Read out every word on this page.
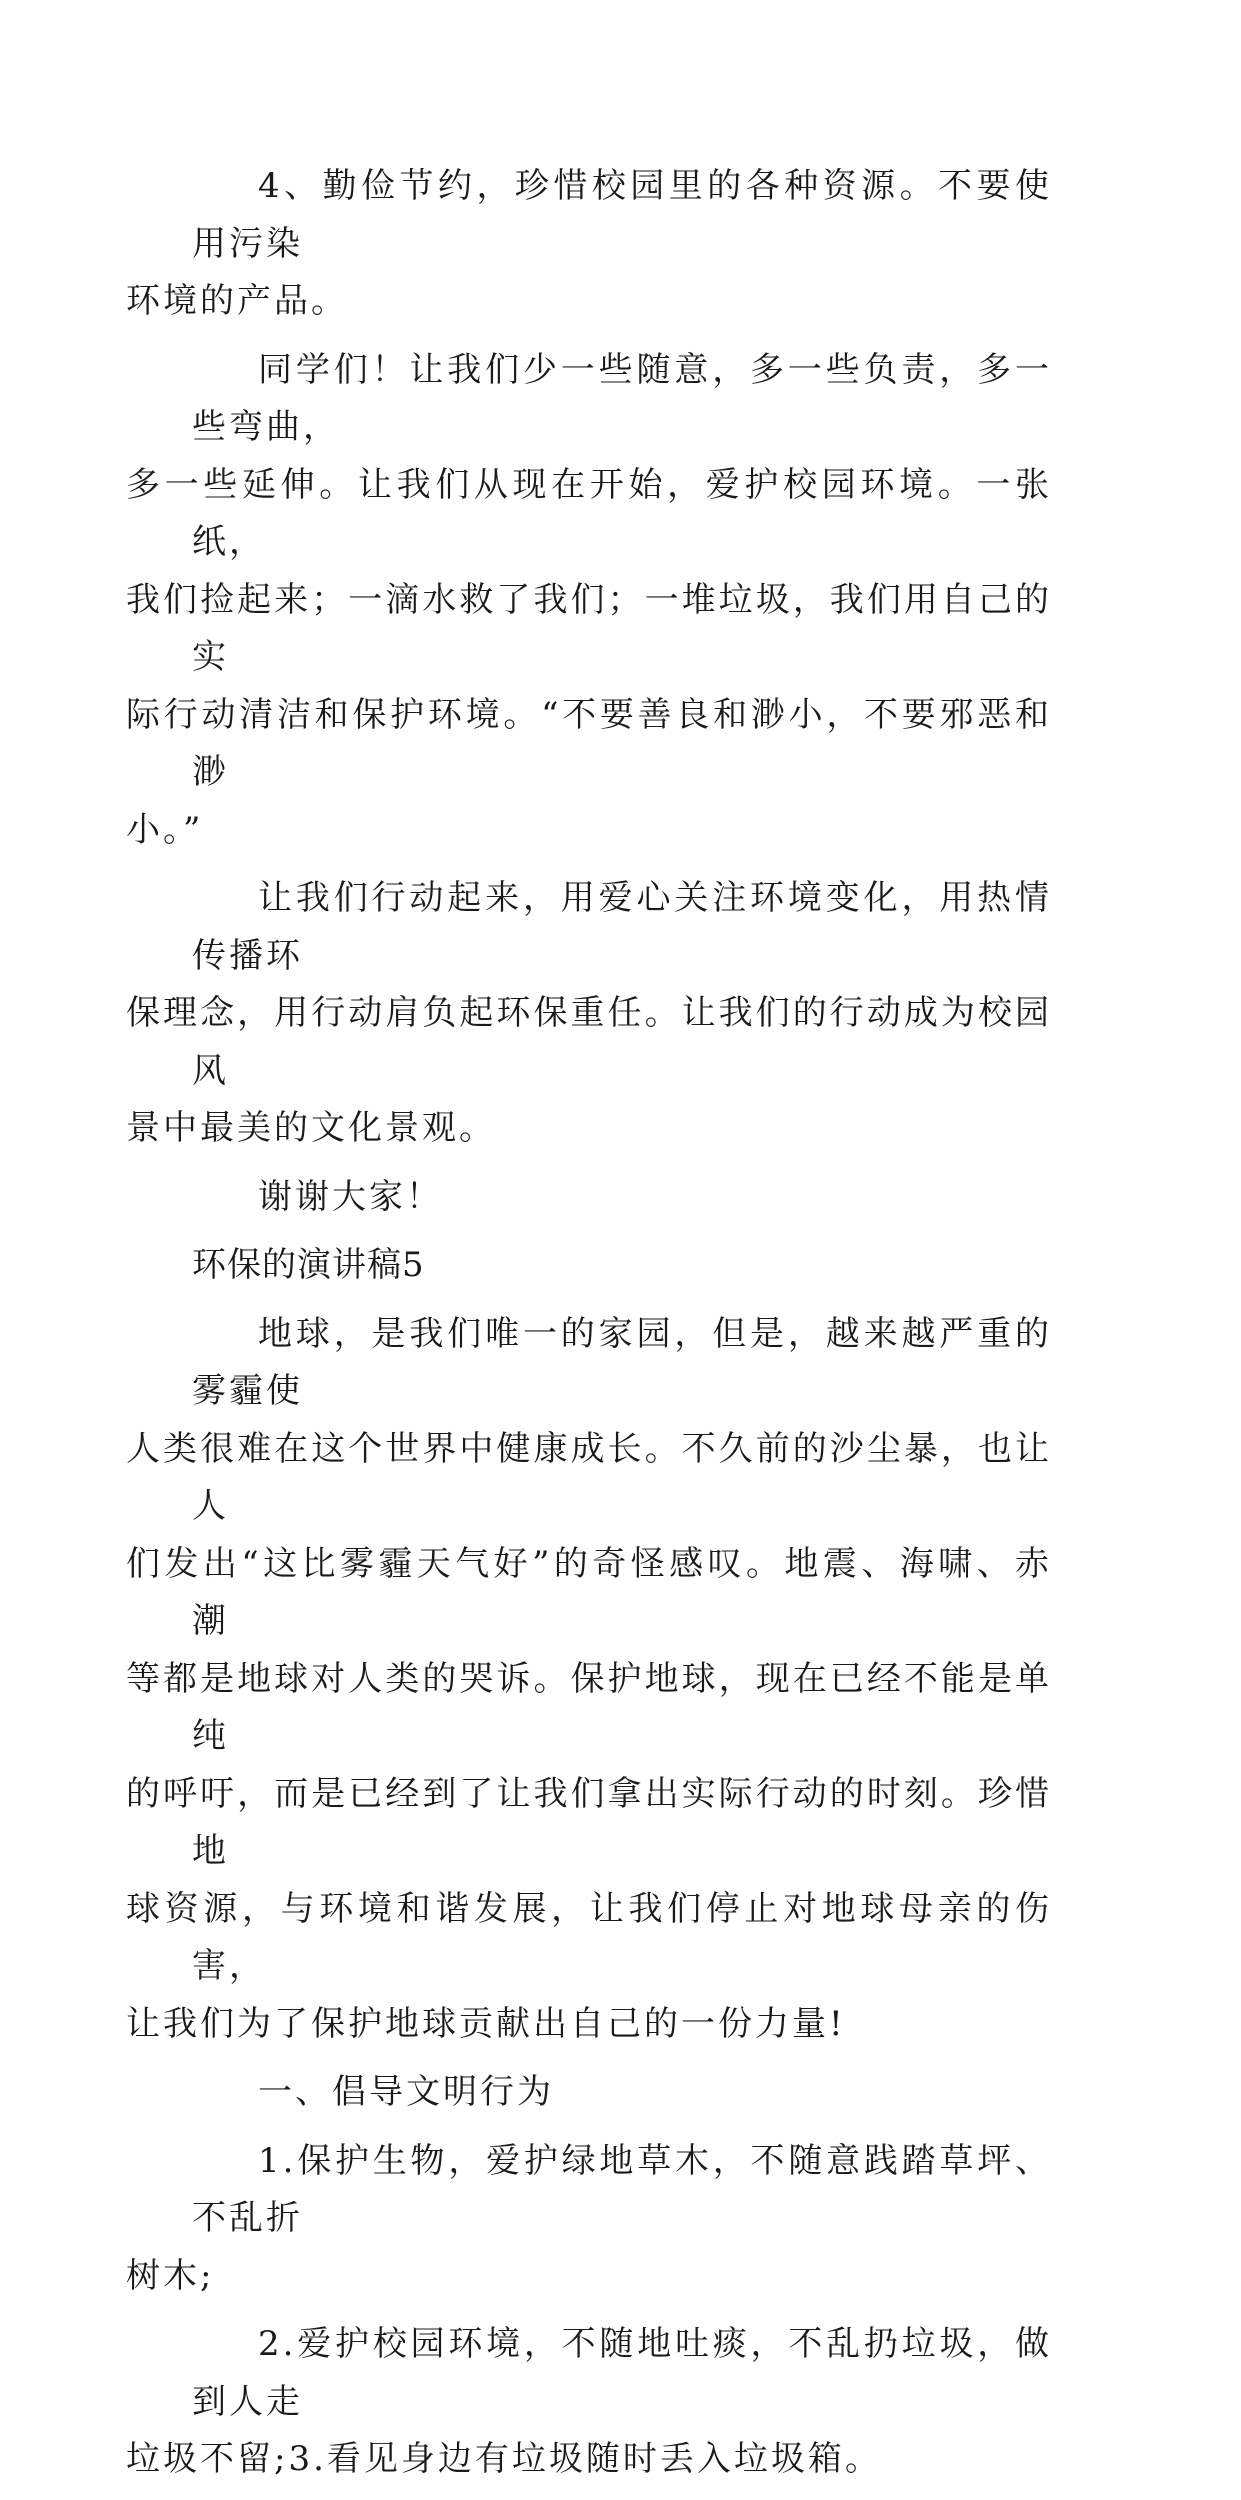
4、勤俭节约，珍惜校园里的各种资源。不要使用污染
环境的产品。
同学们！让我们少一些随意，多一些负责，多一些弯曲，
多一些延伸。让我们从现在开始，爱护校园环境。一张纸，
我们捡起来；一滴水救了我们；一堆垃圾，我们用自己的实
际行动清洁和保护环境。“不要善良和渺小，不要邪恶和渺
小。”
让我们行动起来，用爱心关注环境变化，用热情传播环
保理念，用行动肩负起环保重任。让我们的行动成为校园风
景中最美的文化景观。
谢谢大家！
环保的演讲稿5
地球，是我们唯一的家园，但是，越来越严重的雾霾使
人类很难在这个世界中健康成长。不久前的沙尘暴，也让人
们发出“这比雾霾天气好”的奇怪感叹。地震、海啸、赤潮
等都是地球对人类的哭诉。保护地球，现在已经不能是单纯
的呼吁，而是已经到了让我们拿出实际行动的时刻。珍惜地
球资源，与环境和谐发展，让我们停止对地球母亲的伤害，
让我们为了保护地球贡献出自己的一份力量!
一、倡导文明行为
1.保护生物，爱护绿地草木，不随意践踏草坪、不乱折
树木;
2.爱护校园环境，不随地吐痰，不乱扔垃圾，做到人走
垃圾不留;3.看见身边有垃圾随时丢入垃圾箱。
